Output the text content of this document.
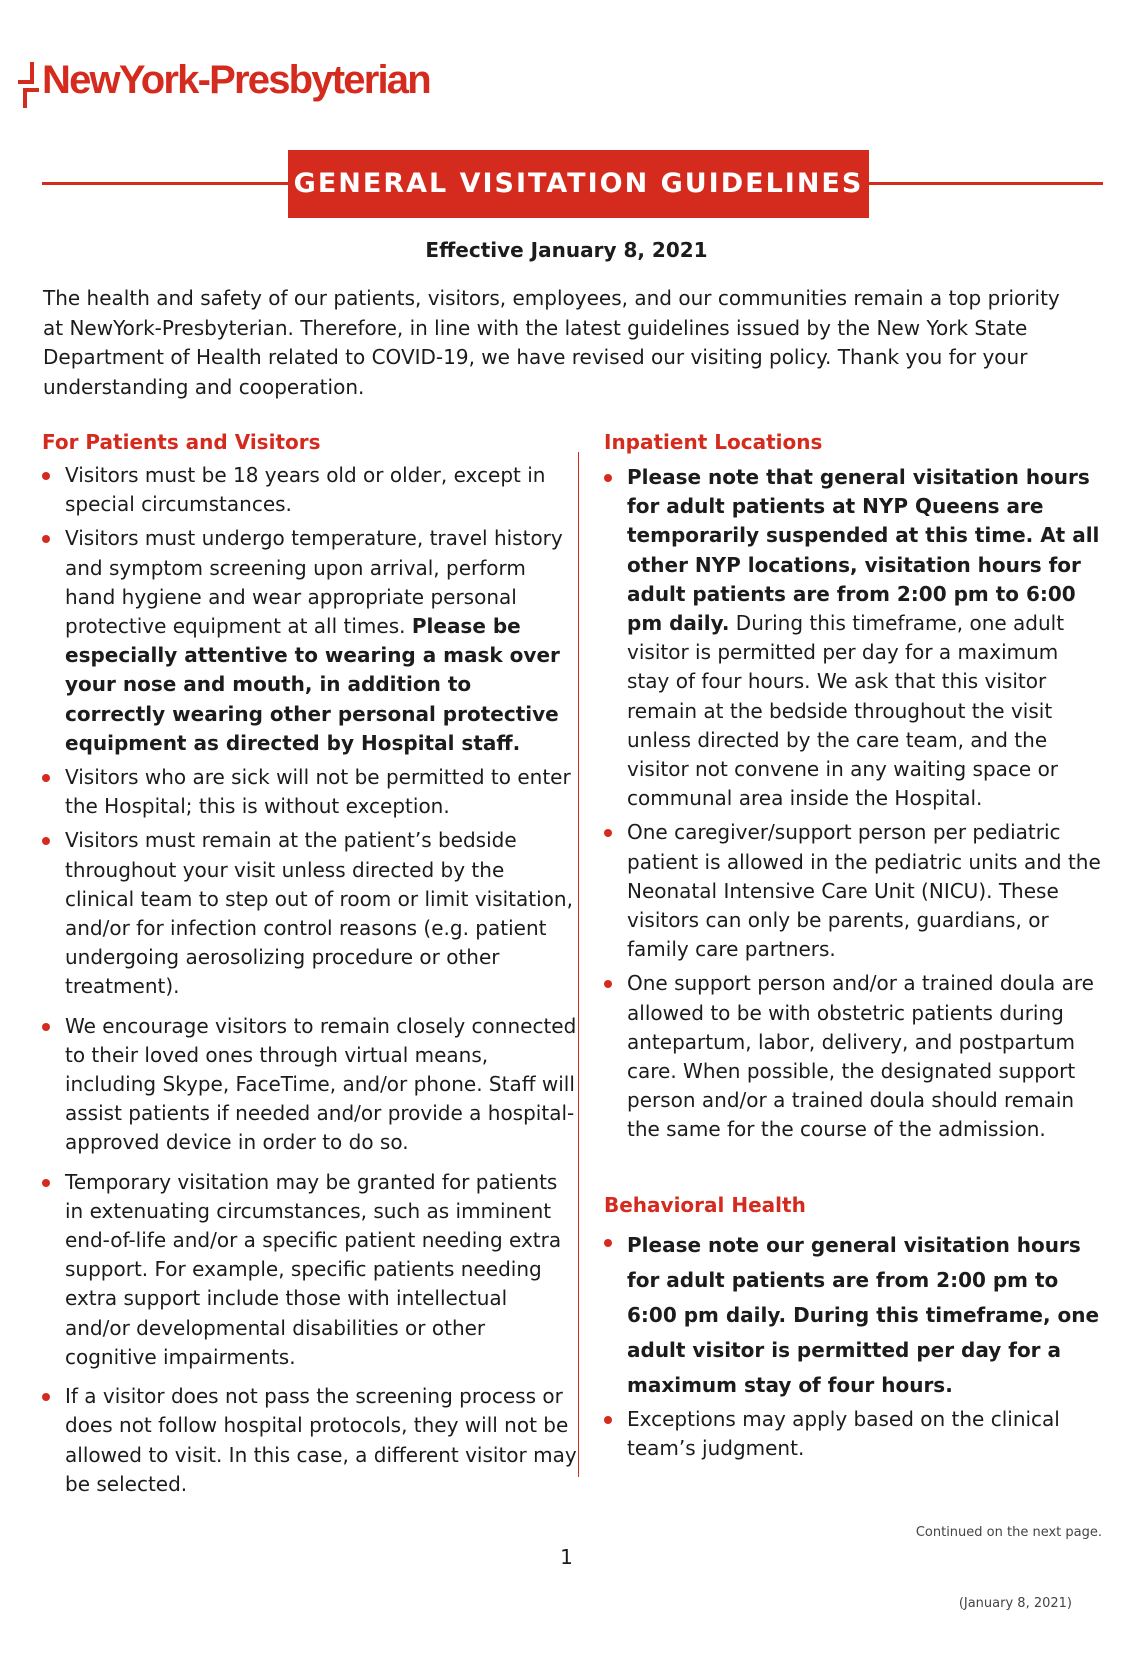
NewYork-Presbyterian
GENERAL VISITATION GUIDELINES
Effective January 8, 2021
The health and safety of our patients, visitors, employees, and our communities remain a top priority at NewYork-Presbyterian. Therefore, in line with the latest guidelines issued by the New York State Department of Health related to COVID-19, we have revised our visiting policy. Thank you for your understanding and cooperation.
For Patients and Visitors
Visitors must be 18 years old or older, except in special circumstances.
Visitors must undergo temperature, travel history and symptom screening upon arrival, perform hand hygiene and wear appropriate personal protective equipment at all times. Please be especially attentive to wearing a mask over your nose and mouth, in addition to correctly wearing other personal protective equipment as directed by Hospital staff.
Visitors who are sick will not be permitted to enter the Hospital; this is without exception.
Visitors must remain at the patient’s bedside throughout your visit unless directed by the clinical team to step out of room or limit visitation, and/or for infection control reasons (e.g. patient undergoing aerosolizing procedure or other treatment).
We encourage visitors to remain closely connected to their loved ones through virtual means, including Skype, FaceTime, and/or phone. Staff will assist patients if needed and/or provide a hospital-approved device in order to do so.
Temporary visitation may be granted for patients in extenuating circumstances, such as imminent end-of-life and/or a specific patient needing extra support. For example, specific patients needing extra support include those with intellectual and/or developmental disabilities or other cognitive impairments.
If a visitor does not pass the screening process or does not follow hospital protocols, they will not be allowed to visit. In this case, a different visitor may be selected.
Inpatient Locations
Please note that general visitation hours for adult patients at NYP Queens are temporarily suspended at this time. At all other NYP locations, visitation hours for adult patients are from 2:00 pm to 6:00 pm daily. During this timeframe, one adult visitor is permitted per day for a maximum stay of four hours. We ask that this visitor remain at the bedside throughout the visit unless directed by the care team, and the visitor not convene in any waiting space or communal area inside the Hospital.
One caregiver/support person per pediatric patient is allowed in the pediatric units and the Neonatal Intensive Care Unit (NICU). These visitors can only be parents, guardians, or family care partners.
One support person and/or a trained doula are allowed to be with obstetric patients during antepartum, labor, delivery, and postpartum care. When possible, the designated support person and/or a trained doula should remain the same for the course of the admission.
Behavioral Health
Please note our general visitation hours for adult patients are from 2:00 pm to 6:00 pm daily. During this timeframe, one adult visitor is permitted per day for a maximum stay of four hours.
Exceptions may apply based on the clinical team’s judgment.
Continued on the next page.
1
(January 8, 2021)
